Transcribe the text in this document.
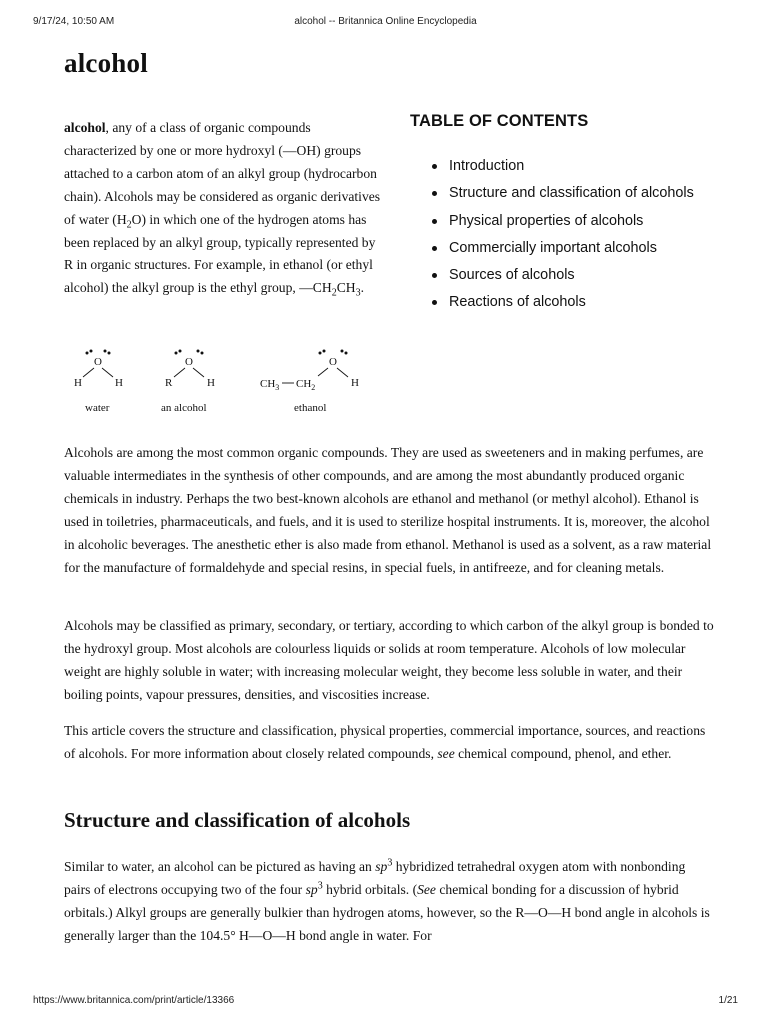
9/17/24, 10:50 AM	alcohol -- Britannica Online Encyclopedia
alcohol

alcohol, any of a class of organic compounds characterized by one or more hydroxyl (—OH) groups attached to a carbon atom of an alkyl group (hydrocarbon chain). Alcohols may be considered as organic derivatives of water $(H_2O)$ in which one of the hydrogen atoms has been replaced by an alkyl group, typically represented by R in organic structures. For example, in ethanol (or ethyl alcohol) the alkyl group is the ethyl group, $—CH_2CH_3$.

TABLE OF CONTENTS
Introduction
Structure and classification of alcohols
Physical properties of alcohols
Commercially important alcohols
Sources of alcohols
Reactions of alcohols
O
H	H
water
O
R	H
an alcohol
O
$CH_3$ $CH_2$	H
ethanol

Alcohols are among the most common organic compounds. They are used as sweeteners and in making perfumes, are valuable intermediates in the synthesis of other compounds, and are among the most abundantly produced organic chemicals in industry. Perhaps the two best-known alcohols are ethanol and methanol (or methyl alcohol). Ethanol is used in toiletries, pharmaceuticals, and fuels, and it is used to sterilize hospital instruments. It is, moreover, the alcohol in alcoholic beverages. The anesthetic ether is also made from ethanol. Methanol is used as a solvent, as a raw material for the manufacture of formaldehyde and special resins, in special fuels, in antifreeze, and for cleaning metals.

Alcohols may be classified as primary, secondary, or tertiary, according to which carbon of the alkyl group is bonded to the hydroxyl group. Most alcohols are colourless liquids or solids at room temperature. Alcohols of low molecular weight are highly soluble in water; with increasing molecular weight, they become less soluble in water, and their boiling points, vapour pressures, densities, and viscosities increase.

This article covers the structure and classification, physical properties, commercial importance, sources, and reactions of alcohols. For more information about closely related compounds, see chemical compound, phenol, and ether.

Structure and classification of alcohols

Similar to water, an alcohol can be pictured as having an $sp^3$ hybridized tetrahedral oxygen atom with nonbonding pairs of electrons occupying two of the four $sp^3$ hybrid orbitals. (See chemical bonding for a discussion of hybrid orbitals.) Alkyl groups are generally bulkier than hydrogen atoms, however, so the R—O—H bond angle in alcohols is generally larger than the 104.5° H—O—H bond angle in water. For

https://www.britannica.com/print/article/13366	1/21
